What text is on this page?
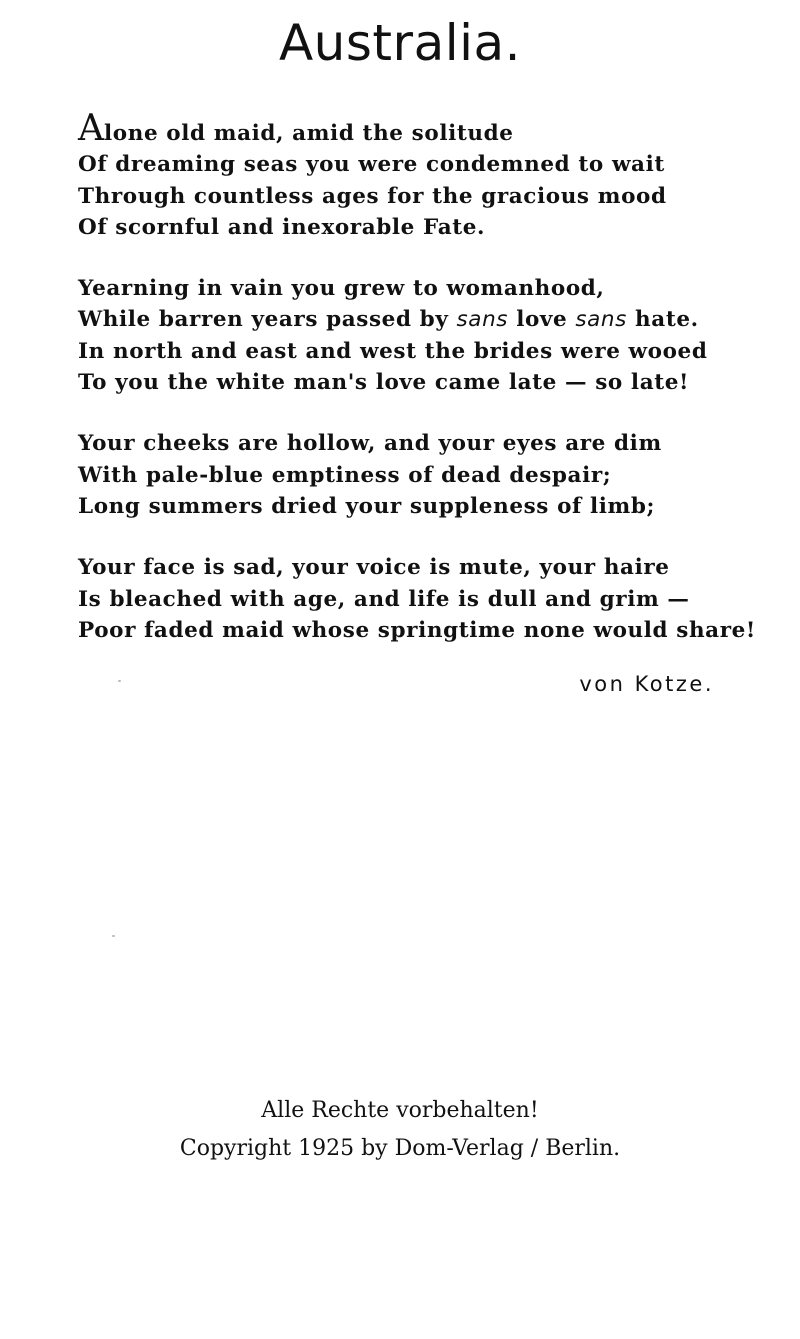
Australia.
Alone old maid, amid the solitude
Of dreaming seas you were condemned to wait
Through countless ages for the gracious mood
Of scornful and inexorable Fate.
Yearning in vain you grew to womanhood,
While barren years passed by sans love sans hate.
In north and east and west the brides were wooed
To you the white man's love came late — so late!
Your cheeks are hollow, and your eyes are dim
With pale-blue emptiness of dead despair;
Long summers dried your suppleness of limb;
Your face is sad, your voice is mute, your haire
Is bleached with age, and life is dull and grim —
Poor faded maid whose springtime none would share!
von Kotze.
Alle Rechte vorbehalten!
Copyright 1925 by Dom-Verlag / Berlin.
